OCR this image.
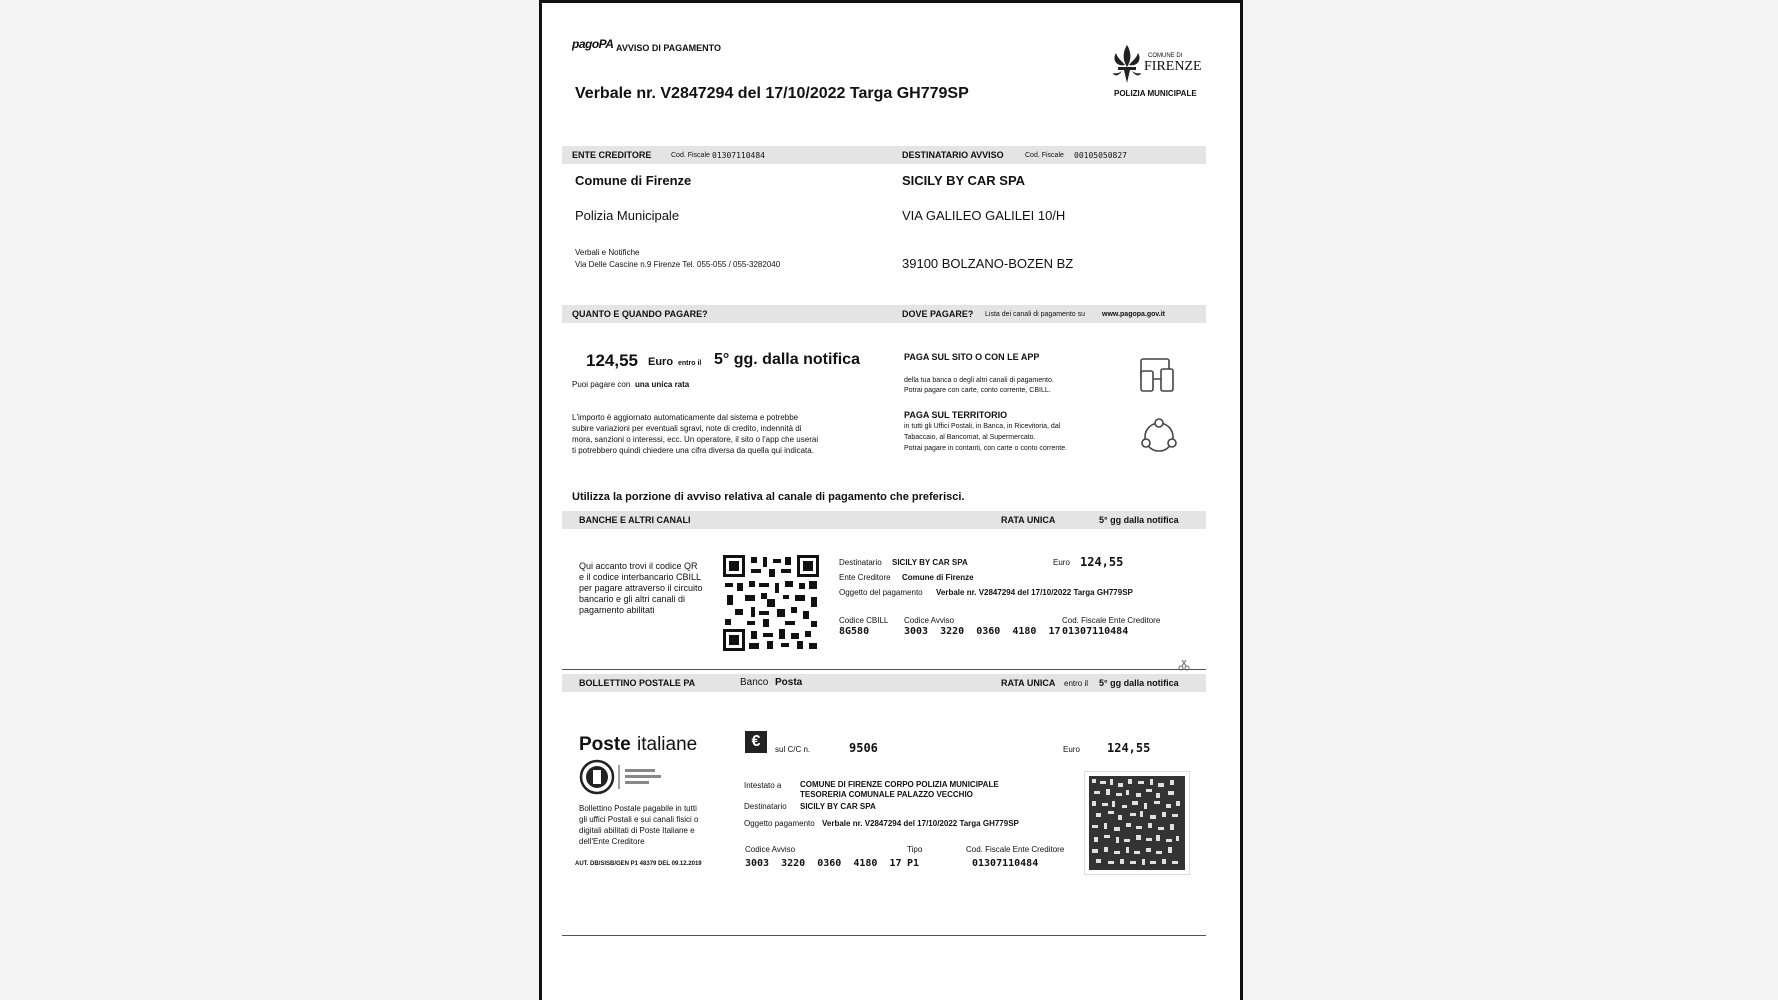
pagoPA AVVISO DI PAGAMENTO
Verbale nr. V2847294 del 17/10/2022 Targa GH779SP
COMUNE DI
FIRENZE
POLIZIA MUNICIPALE
ENTE CREDITORE	Cod. Fiscale 01307110484	DESTINATARIO AVVISO	Cod. Fiscale 00105050827
Comune di Firenze
Polizia Municipale
Verbali e Notifiche
Via Delle Cascine n.9 Firenze Tel. 055-055 / 055-3282040
SICILY BY CAR SPA
VIA GALILEO GALILEI 10/H
39100 BOLZANO-BOZEN BZ
QUANTO E QUANDO PAGARE?	DOVE PAGARE? Lista dei canali di pagamento su www.pagopa.gov.it
124,55 Euro entro il 5° gg. dalla notifica
Puoi pagare con una unica rata
L'importo è aggiornato automaticamente dal sistema e potrebbe
subire variazioni per eventuali sgravi, note di credito, indennità di
mora, sanzioni o interessi, ecc. Un operatore, il sito o l'app che userai
ti potrebbero quindi chiedere una cifra diversa da quella qui indicata.
PAGA SUL SITO O CON LE APP
della tua banca o degli altri canali di pagamento.
Potrai pagare con carte, conto corrente, CBILL.
PAGA SUL TERRITORIO
in tutti gli Uffici Postali, in Banca, in Ricevitoria, dal
Tabaccaio, al Bancomat, al Supermercato.
Potrai pagare in contanti, con carte o conto corrente.
Utilizza la porzione di avviso relativa al canale di pagamento che preferisci.
BANCHE E ALTRI CANALI	RATA UNICA	5° gg dalla notifica
Qui accanto trovi il codice QR
e il codice interbancario CBILL
per pagare attraverso il circuito
bancario e gli altri canali di
pagamento abilitati
Destinatario SICILY BY CAR SPA	Euro 124,55
Ente Creditore Comune di Firenze
Oggetto del pagamento Verbale nr. V2847294 del 17/10/2022 Targa GH779SP
Codice CBILL
8G580
Codice Avviso
3003  3220  0360  4180  17
Cod. Fiscale Ente Creditore
01307110484
BOLLETTINO POSTALE PA	Banco Posta	RATA UNICA entro il 5° gg dalla notifica
Poste italiane
Bollettino Postale pagabile in tutti
gli uffici Postali e sui canali fisici o
digitali abilitati di Poste Italiane e
dell'Ente Creditore
AUT. DB/SISB/GEN P1 48379 DEL 09.12.2019
€	sul C/C n.	9506	Euro 124,55
Intestato a COMUNE DI FIRENZE CORPO POLIZIA MUNICIPALE
TESORERIA COMUNALE PALAZZO VECCHIO
Destinatario SICILY BY CAR SPA
Oggetto pagamento Verbale nr. V2847294 del 17/10/2022 Targa GH779SP
Codice Avviso
3003  3220  0360  4180  17
Tipo
P1
Cod. Fiscale Ente Creditore
01307110484
